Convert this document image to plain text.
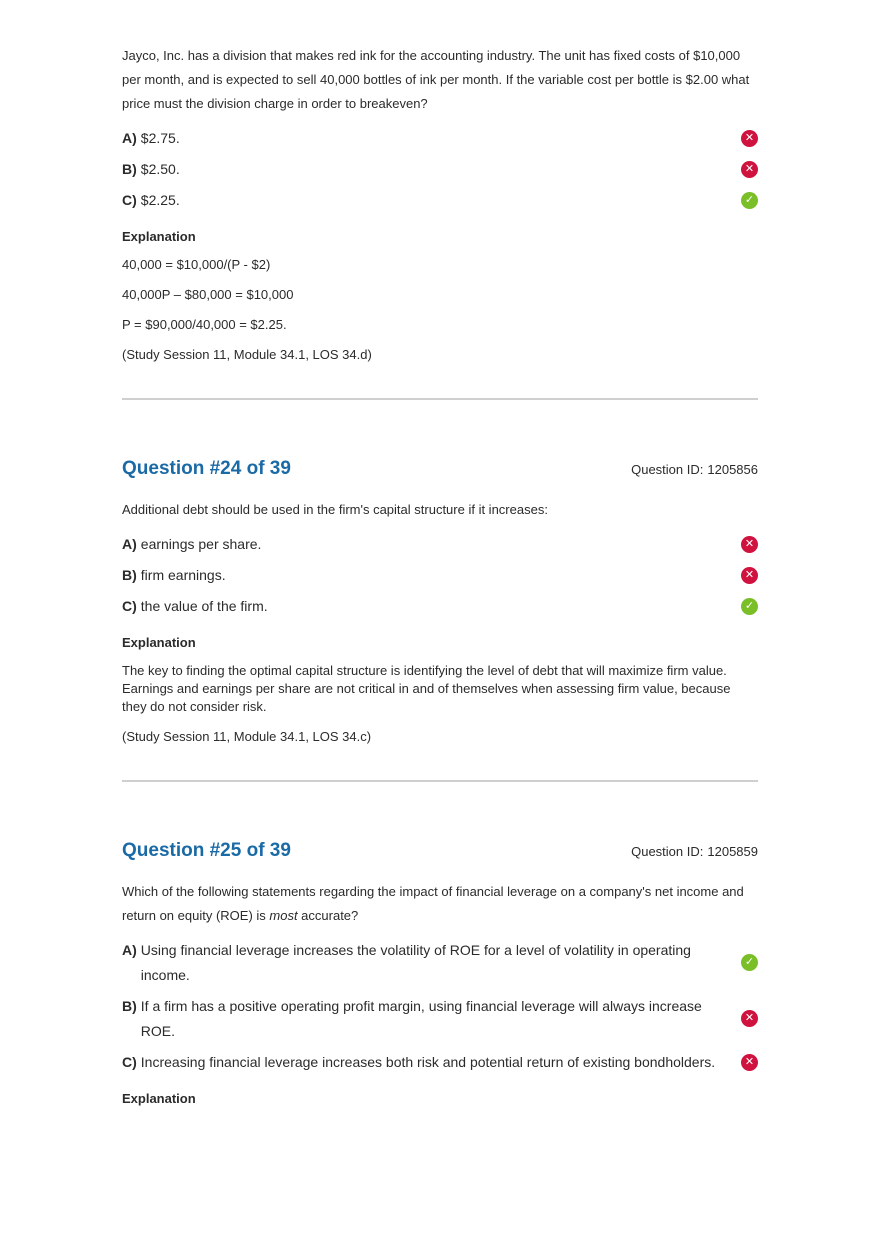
Jayco, Inc. has a division that makes red ink for the accounting industry. The unit has fixed costs of $10,000 per month, and is expected to sell 40,000 bottles of ink per month. If the variable cost per bottle is $2.00 what price must the division charge in order to breakeven?

A) $2.75.	✕
B) $2.50.	✕
C) $2.25.	✓
Explanation

40,000 = $10,000/(P - $2)

40,000P – $80,000 = $10,000

P = $90,000/40,000 = $2.25.

(Study Session 11, Module 34.1, LOS 34.d)

Question #24 of 39	Question ID: 1205856

Additional debt should be used in the firm's capital structure if it increases:

A) earnings per share.	✕
B) firm earnings.	✕
C) the value of the firm.	✓
Explanation

The key to finding the optimal capital structure is identifying the level of debt that will maximize firm value. Earnings and earnings per share are not critical in and of themselves when assessing firm value, because they do not consider risk.

(Study Session 11, Module 34.1, LOS 34.c)

Question #25 of 39	Question ID: 1205859

Which of the following statements regarding the impact of financial leverage on a company's net income and return on equity (ROE) is most accurate?

A) Using financial leverage increases the volatility of ROE for a level of volatility in operating income.
✓
B) If a firm has a positive operating profit margin, using financial leverage will always increase ROE.
✕
C) Increasing financial leverage increases both risk and potential return of existing bondholders.	✕
Explanation
